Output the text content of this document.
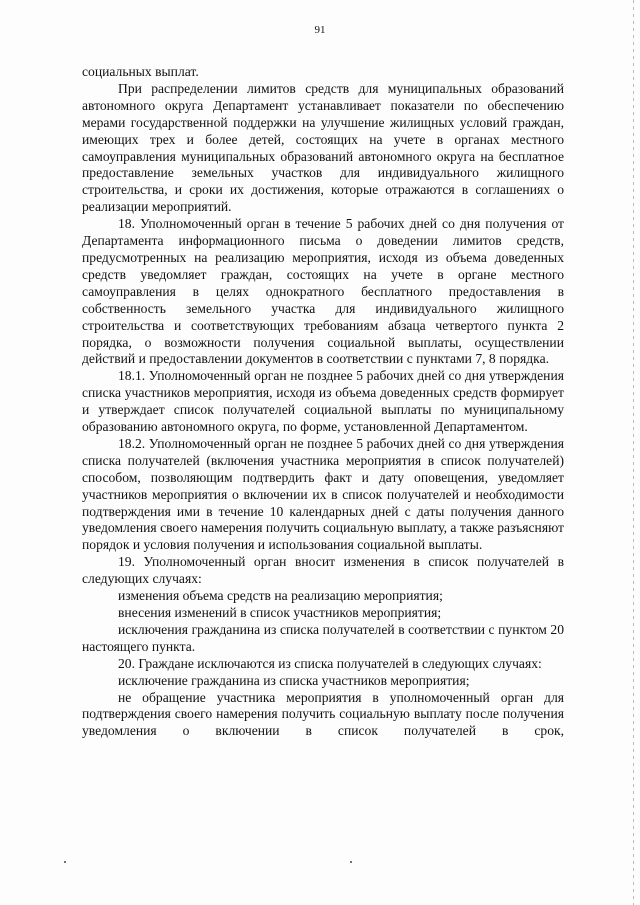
91

социальных выплат.

При распределении лимитов средств для муниципальных образований автономного округа Департамент устанавливает показатели по обеспечению мерами государственной поддержки на улучшение жилищных условий граждан, имеющих трех и более детей, состоящих на учете в органах местного самоуправления муниципальных образований автономного округа на бесплатное предоставление земельных участков для индивидуального жилищного строительства, и сроки их достижения, которые отражаются в соглашениях о реализации мероприятий.

18. Уполномоченный орган в течение 5 рабочих дней со дня получения от Департамента информационного письма о доведении лимитов средств, предусмотренных на реализацию мероприятия, исходя из объема доведенных средств уведомляет граждан, состоящих на учете в органе местного самоуправления в целях однократного бесплатного предоставления в собственность земельного участка для индивидуального жилищного строительства и соответствующих требованиям абзаца четвертого пункта 2 порядка, о возможности получения социальной выплаты, осуществлении действий и предоставлении документов в соответствии с пунктами 7, 8 порядка.

18.1. Уполномоченный орган не позднее 5 рабочих дней со дня утверждения списка участников мероприятия, исходя из объема доведенных средств формирует и утверждает список получателей социальной выплаты по муниципальному образованию автономного округа, по форме, установленной Департаментом.

18.2. Уполномоченный орган не позднее 5 рабочих дней со дня утверждения списка получателей (включения участника мероприятия в список получателей) способом, позволяющим подтвердить факт и дату оповещения, уведомляет участников мероприятия о включении их в список получателей и необходимости подтверждения ими в течение 10 календарных дней с даты получения данного уведомления своего намерения получить социальную выплату, а также разъясняют порядок и условия получения и использования социальной выплаты.

19. Уполномоченный орган вносит изменения в список получателей в следующих случаях:

изменения объема средств на реализацию мероприятия;

внесения изменений в список участников мероприятия;

исключения гражданина из списка получателей в соответствии с пунктом 20 настоящего пункта.

20. Граждане исключаются из списка получателей в следующих случаях:

исключение гражданина из списка участников мероприятия;

не обращение участника мероприятия в уполномоченный орган для подтверждения своего намерения получить социальную выплату после получения уведомления о включении в список получателей в срок,
